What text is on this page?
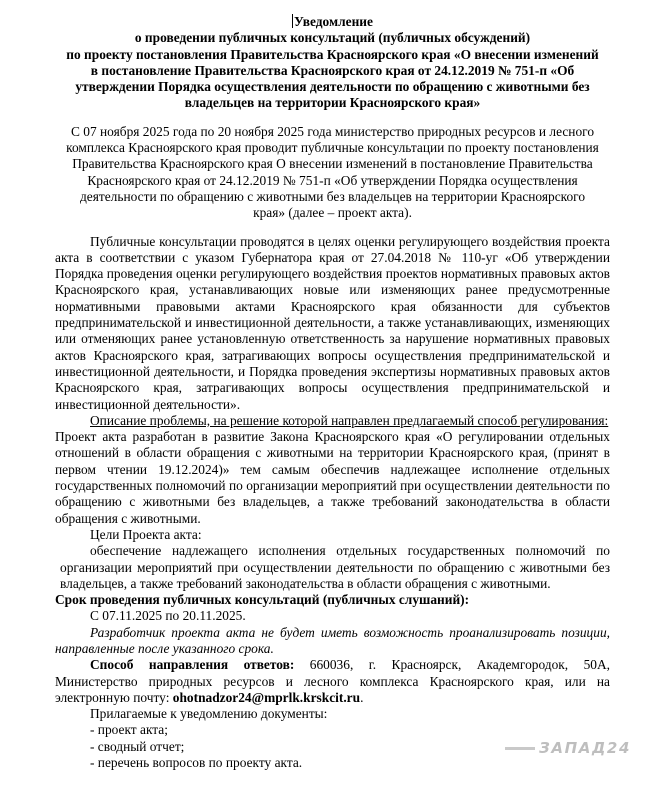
Уведомление
о проведении публичных консультаций (публичных обсуждений)
по проекту постановления Правительства Красноярского края «О внесении изменений
в постановление Правительства Красноярского края от 24.12.2019 № 751-п «Об
утверждении Порядка осуществления деятельности по обращению с животными без
владельцев на территории Красноярского края»
С 07 ноября 2025 года по 20 ноября 2025 года министерство природных ресурсов и лесного
комплекса Красноярского края проводит публичные консультации по проекту постановления
Правительства Красноярского края О внесении изменений в постановление Правительства
Красноярского края от 24.12.2019 № 751-п «Об утверждении Порядка осуществления
деятельности по обращению с животными без владельцев на территории Красноярского
края» (далее – проект акта).
Публичные консультации проводятся в целях оценки регулирующего воздействия проекта акта в соответствии с указом Губернатора края от 27.04.2018 № 110-уг «Об утверждении Порядка проведения оценки регулирующего воздействия проектов нормативных правовых актов Красноярского края, устанавливающих новые или изменяющих ранее предусмотренные нормативными правовыми актами Красноярского края обязанности для субъектов предпринимательской и инвестиционной деятельности, а также устанавливающих, изменяющих или отменяющих ранее установленную ответственность за нарушение нормативных правовых актов Красноярского края, затрагивающих вопросы осуществления предпринимательской и инвестиционной деятельности, и Порядка проведения экспертизы нормативных правовых актов Красноярского края, затрагивающих вопросы осуществления предпринимательской и инвестиционной деятельности».
Описание проблемы, на решение которой направлен предлагаемый способ регулирования:
Проект акта разработан в развитие Закона Красноярского края «О регулировании отдельных отношений в области обращения с животными на территории Красноярского края, (принят в первом чтении 19.12.2024)» тем самым обеспечив надлежащее исполнение отдельных государственных полномочий по организации мероприятий при осуществлении деятельности по обращению с животными без владельцев, а также требований законодательства в области обращения с животными.
Цели Проекта акта:
обеспечение надлежащего исполнения отдельных государственных полномочий по организации мероприятий при осуществлении деятельности по обращению с животными без владельцев, а также требований законодательства в области обращения с животными.
Срок проведения публичных консультаций (публичных слушаний):
С 07.11.2025 по 20.11.2025.
Разработчик проекта акта не будет иметь возможность проанализировать позиции, направленные после указанного срока.
Способ направления ответов: 660036, г. Красноярск, Академгородок, 50А, Министерство природных ресурсов и лесного комплекса Красноярского края, или на электронную почту: ohotnadzor24@mprlk.krskcit.ru.
Прилагаемые к уведомлению документы:
- проект акта;
- сводный отчет;
- перечень вопросов по проекту акта.
ЗАПАД24
